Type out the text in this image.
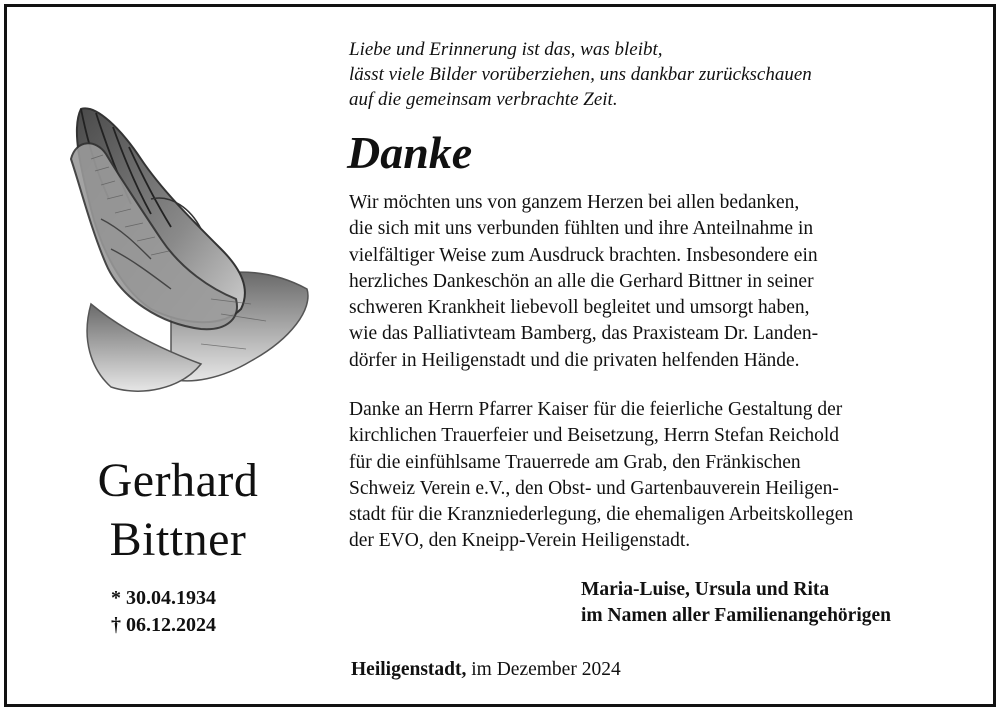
Gerhard
Bittner
* 30.04.1934
† 06.12.2024
Liebe und Erinnerung ist das, was bleibt,
lässt viele Bilder vorüberziehen, uns dankbar zurückschauen
auf die gemeinsam verbrachte Zeit.
Danke
Wir möchten uns von ganzem Herzen bei allen bedanken,
die sich mit uns verbunden fühlten und ihre Anteilnahme in
vielfältiger Weise zum Ausdruck brachten. Insbesondere ein
herzliches Dankeschön an alle die Gerhard Bittner in seiner
schweren Krankheit liebevoll begleitet und umsorgt haben,
wie das Palliativteam Bamberg, das Praxisteam Dr. Landen-
dörfer in Heiligenstadt und die privaten helfenden Hände.
Danke an Herrn Pfarrer Kaiser für die feierliche Gestaltung der
kirchlichen Trauerfeier und Beisetzung, Herrn Stefan Reichold
für die einfühlsame Trauerrede am Grab, den Fränkischen
Schweiz Verein e.V., den Obst- und Gartenbauverein Heiligen-
stadt für die Kranzniederlegung, die ehemaligen Arbeitskollegen
der EVO, den Kneipp-Verein Heiligenstadt.
Maria-Luise, Ursula und Rita
im Namen aller Familienangehörigen
Heiligenstadt, im Dezember 2024
